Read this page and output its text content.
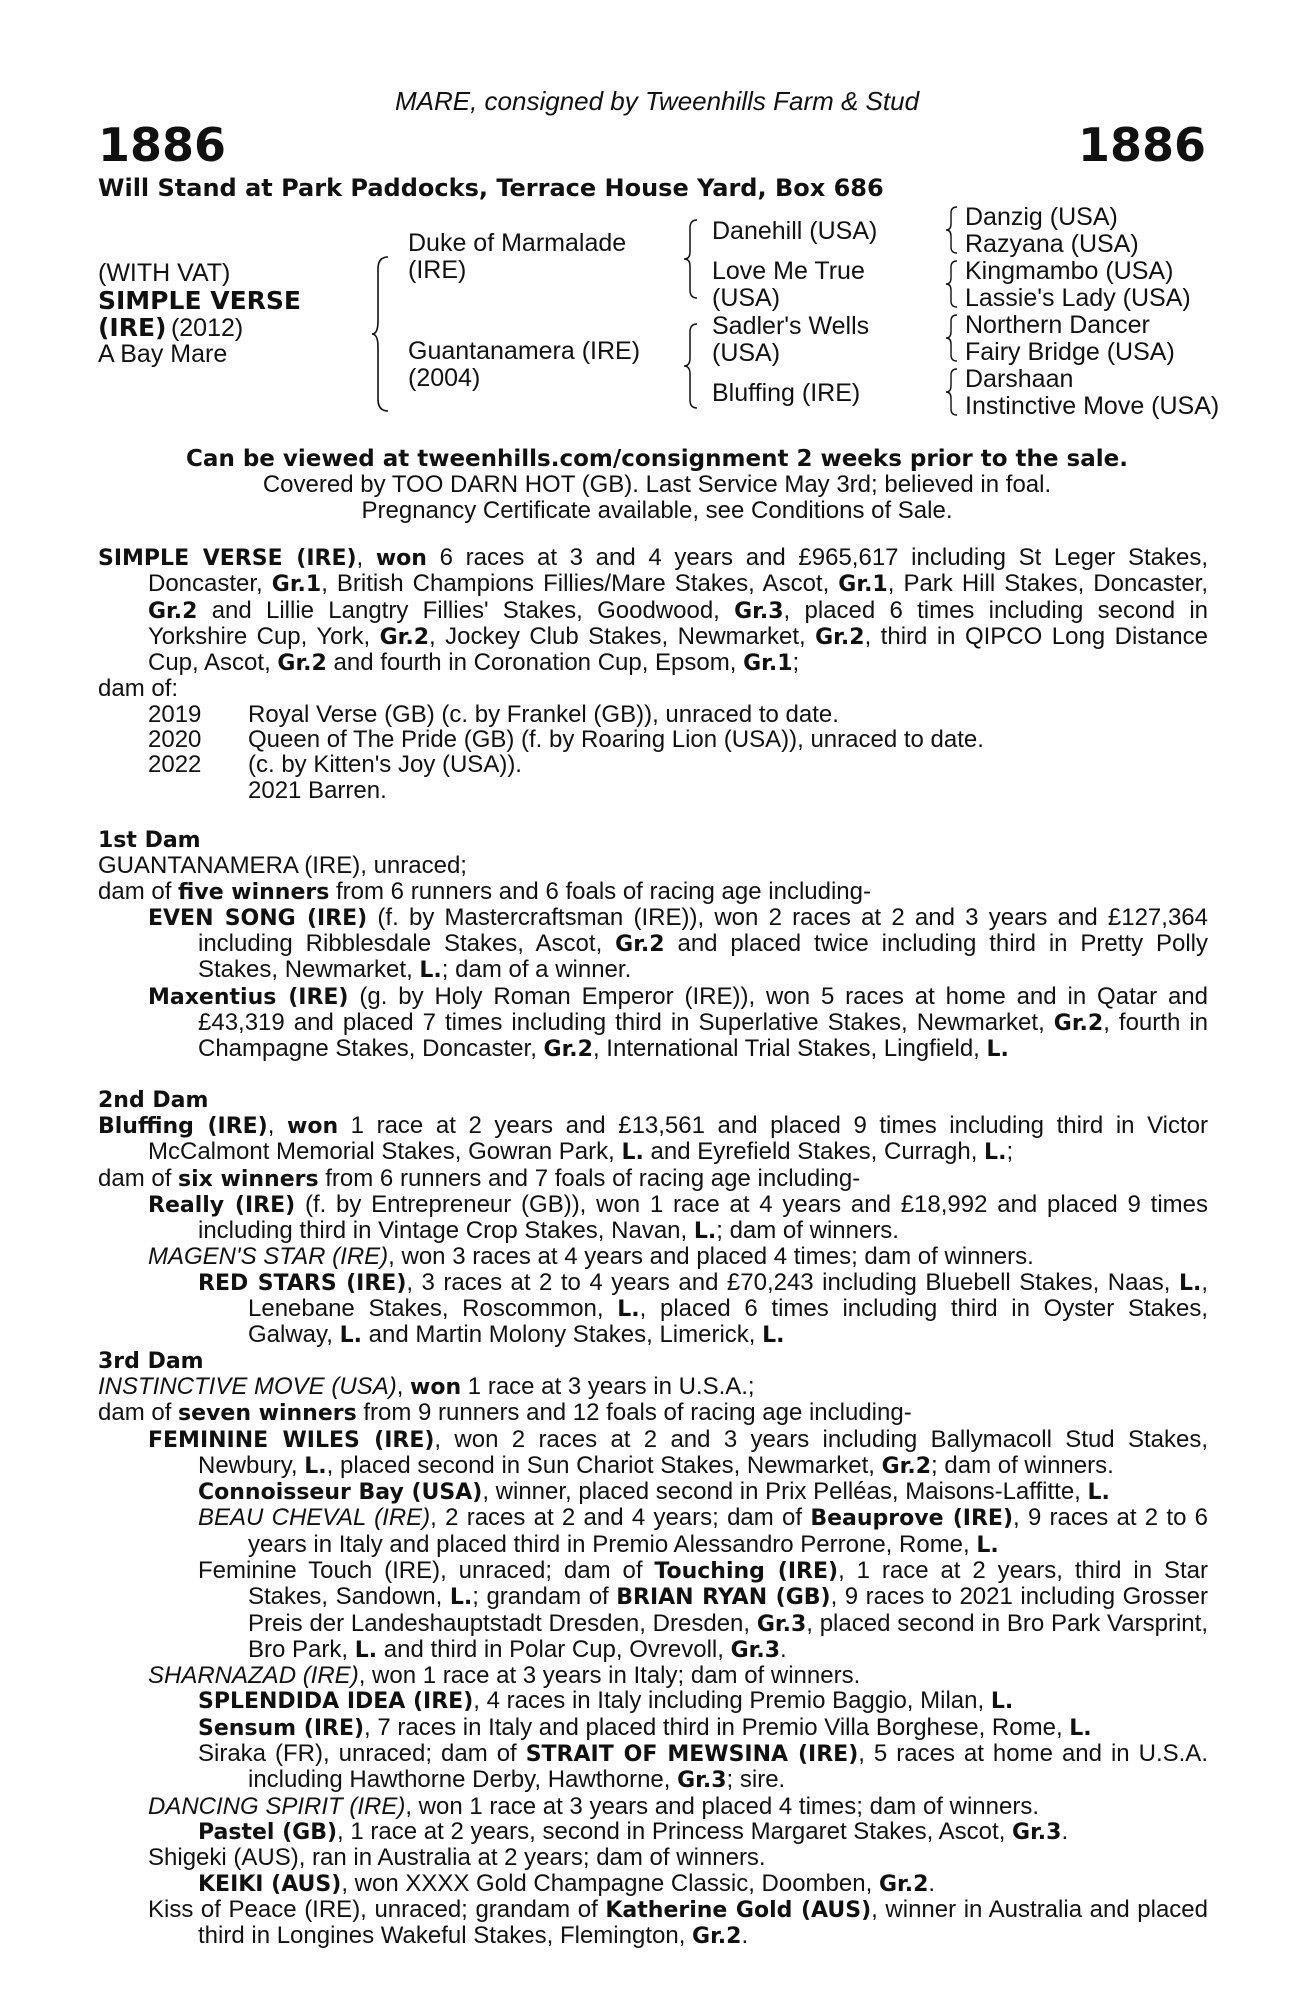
MARE, consigned by Tweenhills Farm & Stud
1886	1886
Will Stand at Park Paddocks, Terrace House Yard, Box 686
(WITH VAT)
SIMPLE VERSE
(IRE) (2012)
A Bay Mare
Duke of Marmalade
(IRE)
Guantanamera (IRE)
(2004)
Danehill (USA)
Love Me True
(USA)
Sadler's Wells
(USA)
Bluffing (IRE)
Danzig (USA)
Razyana (USA)
Kingmambo (USA)
Lassie's Lady (USA)
Northern Dancer
Fairy Bridge (USA)
Darshaan
Instinctive Move (USA)
Can be viewed at tweenhills.com/consignment 2 weeks prior to the sale.
Covered by TOO DARN HOT (GB). Last Service May 3rd; believed in foal.
Pregnancy Certificate available, see Conditions of Sale.

SIMPLE VERSE (IRE), won 6 races at 3 and 4 years and £965,617 including St Leger Stakes, Doncaster, Gr.1, British Champions Fillies/Mare Stakes, Ascot, Gr.1, Park Hill Stakes, Doncaster, Gr.2 and Lillie Langtry Fillies' Stakes, Goodwood, Gr.3, placed 6 times including second in Yorkshire Cup, York, Gr.2, Jockey Club Stakes, Newmarket, Gr.2, third in QIPCO Long Distance Cup, Ascot, Gr.2 and fourth in Coronation Cup, Epsom, Gr.1;

dam of:

2019 Royal Verse (GB) (c. by Frankel (GB)), unraced to date.

2020 Queen of The Pride (GB) (f. by Roaring Lion (USA)), unraced to date.

2022 (c. by Kitten's Joy (USA)).

2021 Barren.

1st Dam

GUANTANAMERA (IRE), unraced;

dam of five winners from 6 runners and 6 foals of racing age including-

EVEN SONG (IRE) (f. by Mastercraftsman (IRE)), won 2 races at 2 and 3 years and £127,364 including Ribblesdale Stakes, Ascot, Gr.2 and placed twice including third in Pretty Polly Stakes, Newmarket, L.; dam of a winner.

Maxentius (IRE) (g. by Holy Roman Emperor (IRE)), won 5 races at home and in Qatar and £43,319 and placed 7 times including third in Superlative Stakes, Newmarket, Gr.2, fourth in Champagne Stakes, Doncaster, Gr.2, International Trial Stakes, Lingfield, L.

2nd Dam

Bluffing (IRE), won 1 race at 2 years and £13,561 and placed 9 times including third in Victor McCalmont Memorial Stakes, Gowran Park, L. and Eyrefield Stakes, Curragh, L.;

dam of six winners from 6 runners and 7 foals of racing age including-

Really (IRE) (f. by Entrepreneur (GB)), won 1 race at 4 years and £18,992 and placed 9 times including third in Vintage Crop Stakes, Navan, L.; dam of winners.

MAGEN'S STAR (IRE), won 3 races at 4 years and placed 4 times; dam of winners.

RED STARS (IRE), 3 races at 2 to 4 years and £70,243 including Bluebell Stakes, Naas, L., Lenebane Stakes, Roscommon, L., placed 6 times including third in Oyster Stakes, Galway, L. and Martin Molony Stakes, Limerick, L.

3rd Dam

INSTINCTIVE MOVE (USA), won 1 race at 3 years in U.S.A.;

dam of seven winners from 9 runners and 12 foals of racing age including-

FEMININE WILES (IRE), won 2 races at 2 and 3 years including Ballymacoll Stud Stakes, Newbury, L., placed second in Sun Chariot Stakes, Newmarket, Gr.2; dam of winners.

Connoisseur Bay (USA), winner, placed second in Prix Pelléas, Maisons-Laffitte, L.

BEAU CHEVAL (IRE), 2 races at 2 and 4 years; dam of Beauprove (IRE), 9 races at 2 to 6 years in Italy and placed third in Premio Alessandro Perrone, Rome, L.

Feminine Touch (IRE), unraced; dam of Touching (IRE), 1 race at 2 years, third in Star Stakes, Sandown, L.; grandam of BRIAN RYAN (GB), 9 races to 2021 including Grosser Preis der Landeshauptstadt Dresden, Dresden, Gr.3, placed second in Bro Park Varsprint, Bro Park, L. and third in Polar Cup, Ovrevoll, Gr.3.

SHARNAZAD (IRE), won 1 race at 3 years in Italy; dam of winners.

SPLENDIDA IDEA (IRE), 4 races in Italy including Premio Baggio, Milan, L.

Sensum (IRE), 7 races in Italy and placed third in Premio Villa Borghese, Rome, L.

Siraka (FR), unraced; dam of STRAIT OF MEWSINA (IRE), 5 races at home and in U.S.A. including Hawthorne Derby, Hawthorne, Gr.3; sire.

DANCING SPIRIT (IRE), won 1 race at 3 years and placed 4 times; dam of winners.

Pastel (GB), 1 race at 2 years, second in Princess Margaret Stakes, Ascot, Gr.3.

Shigeki (AUS), ran in Australia at 2 years; dam of winners.

KEIKI (AUS), won XXXX Gold Champagne Classic, Doomben, Gr.2.

Kiss of Peace (IRE), unraced; grandam of Katherine Gold (AUS), winner in Australia and placed third in Longines Wakeful Stakes, Flemington, Gr.2.
